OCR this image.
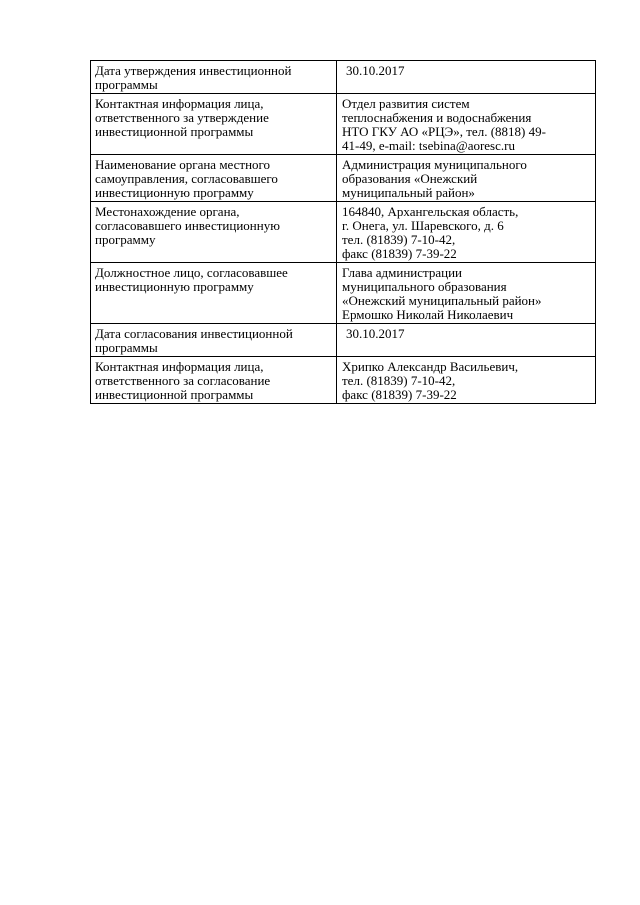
Дата утверждения инвестиционной
программы	30.10.2017

Контактная информация лица,
ответственного за утверждение
инвестиционной программы	Отдел развития систем
теплоснабжения и водоснабжения
НТО ГКУ АО «РЦЭ», тел. (8818) 49-
41-49, e-mail: tsebina@aoresc.ru

Наименование органа местного
самоуправления, согласовавшего
инвестиционную программу	Администрация муниципального
образования «Онежский
муниципальный район»

Местонахождение органа,
согласовавшего инвестиционную
программу	164840, Архангельская область,
г. Онега, ул. Шаревского, д. 6
тел. (81839) 7-10-42,
факс (81839) 7-39-22

Должностное лицо, согласовавшее
инвестиционную программу	Глава администрации
муниципального образования
«Онежский муниципальный район»
Ермошко Николай Николаевич

Дата согласования инвестиционной
программы	30.10.2017

Контактная информация лица,
ответственного за согласование
инвестиционной программы	Хрипко Александр Васильевич,
тел. (81839) 7-10-42,
факс (81839) 7-39-22
